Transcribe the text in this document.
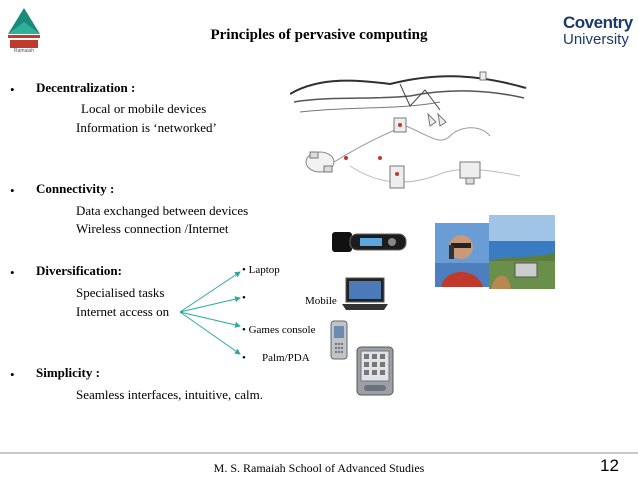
Ramaiah
Coventry
University
Principles of pervasive computing
• Decentralization :
Local or mobile devices
Information is ‘networked’
• Connectivity :
Data exchanged between devices
Wireless connection /Internet
• Diversification:
Specialised tasks
Internet access on
• Simplicity :
Seamless interfaces, intuitive, calm.
• Laptop
•	Mobile
• Games console
• Palm/PDA
M. S. Ramaiah School of Advanced Studies	12
